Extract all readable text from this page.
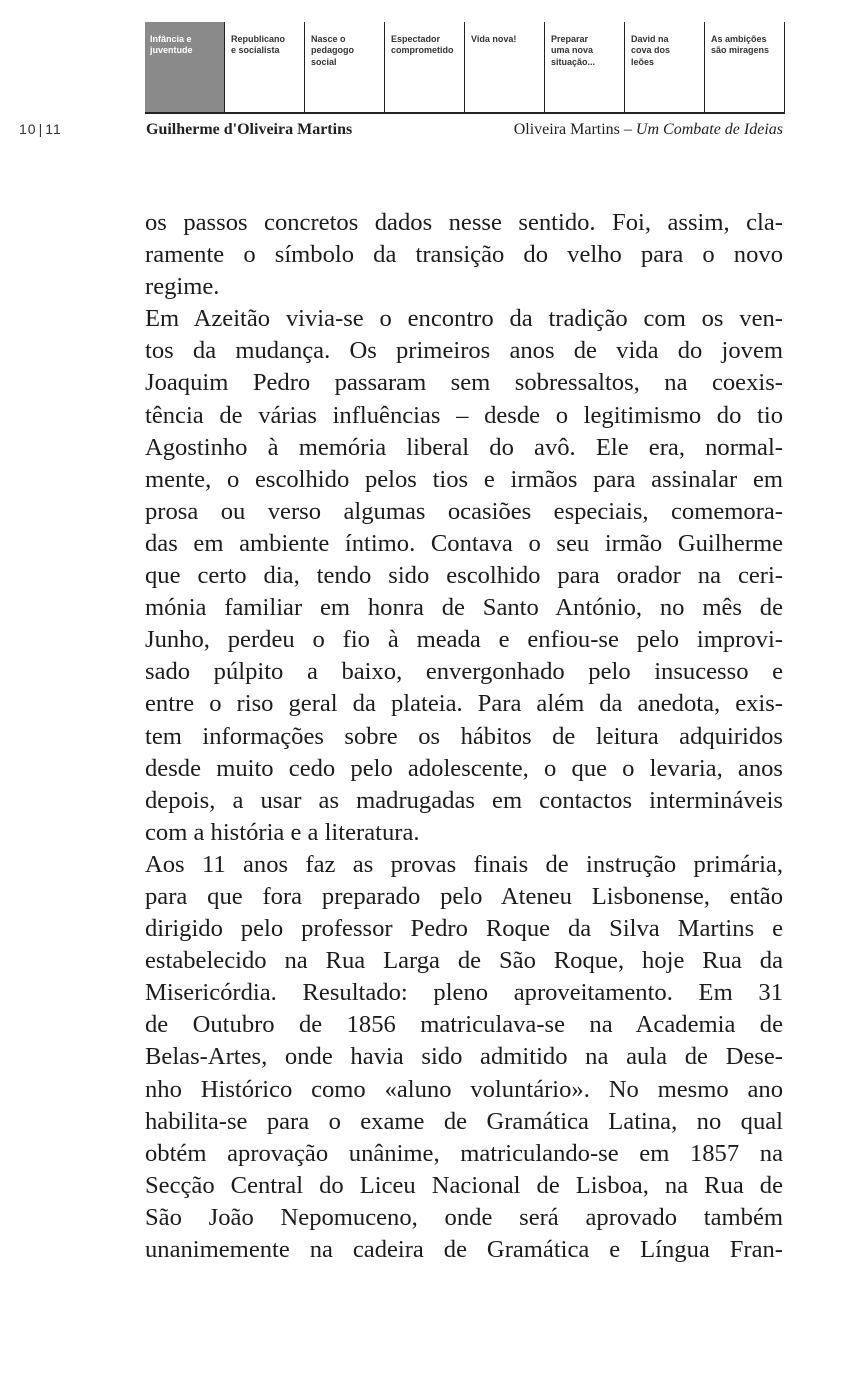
Infância e
juventude
Republicano
e socialista
Nasce o
pedagogo
social
Espectador
comprometido
Vida nova!	Preparar
uma nova
situação...
David na
cova dos
leões
As ambições
são miragens
10 | 11	Guilherme d'Oliveira Martins	Oliveira Martins – Um Combate de Ideias
os passos concretos dados nesse sentido. Foi, assim, cla-
ramente o símbolo da transição do velho para o novo
regime.
Em Azeitão vivia-se o encontro da tradição com os ven-
tos da mudança. Os primeiros anos de vida do jovem
Joaquim Pedro passaram sem sobressaltos, na coexis-
tência de várias influências – desde o legitimismo do tio
Agostinho à memória liberal do avô. Ele era, normal-
mente, o escolhido pelos tios e irmãos para assinalar em
prosa ou verso algumas ocasiões especiais, comemora-
das em ambiente íntimo. Contava o seu irmão Guilherme
que certo dia, tendo sido escolhido para orador na ceri-
mónia familiar em honra de Santo António, no mês de
Junho, perdeu o fio à meada e enfiou-se pelo improvi-
sado púlpito a baixo, envergonhado pelo insucesso e
entre o riso geral da plateia. Para além da anedota, exis-
tem informações sobre os hábitos de leitura adquiridos
desde muito cedo pelo adolescente, o que o levaria, anos
depois, a usar as madrugadas em contactos intermináveis
com a história e a literatura.
Aos 11 anos faz as provas finais de instrução primária,
para que fora preparado pelo Ateneu Lisbonense, então
dirigido pelo professor Pedro Roque da Silva Martins e
estabelecido na Rua Larga de São Roque, hoje Rua da
Misericórdia. Resultado: pleno aproveitamento. Em 31
de Outubro de 1856 matriculava-se na Academia de
Belas-Artes, onde havia sido admitido na aula de Dese-
nho Histórico como «aluno voluntário». No mesmo ano
habilita-se para o exame de Gramática Latina, no qual
obtém aprovação unânime, matriculando-se em 1857 na
Secção Central do Liceu Nacional de Lisboa, na Rua de
São João Nepomuceno, onde será aprovado também
unanimemente na cadeira de Gramática e Língua Fran-
